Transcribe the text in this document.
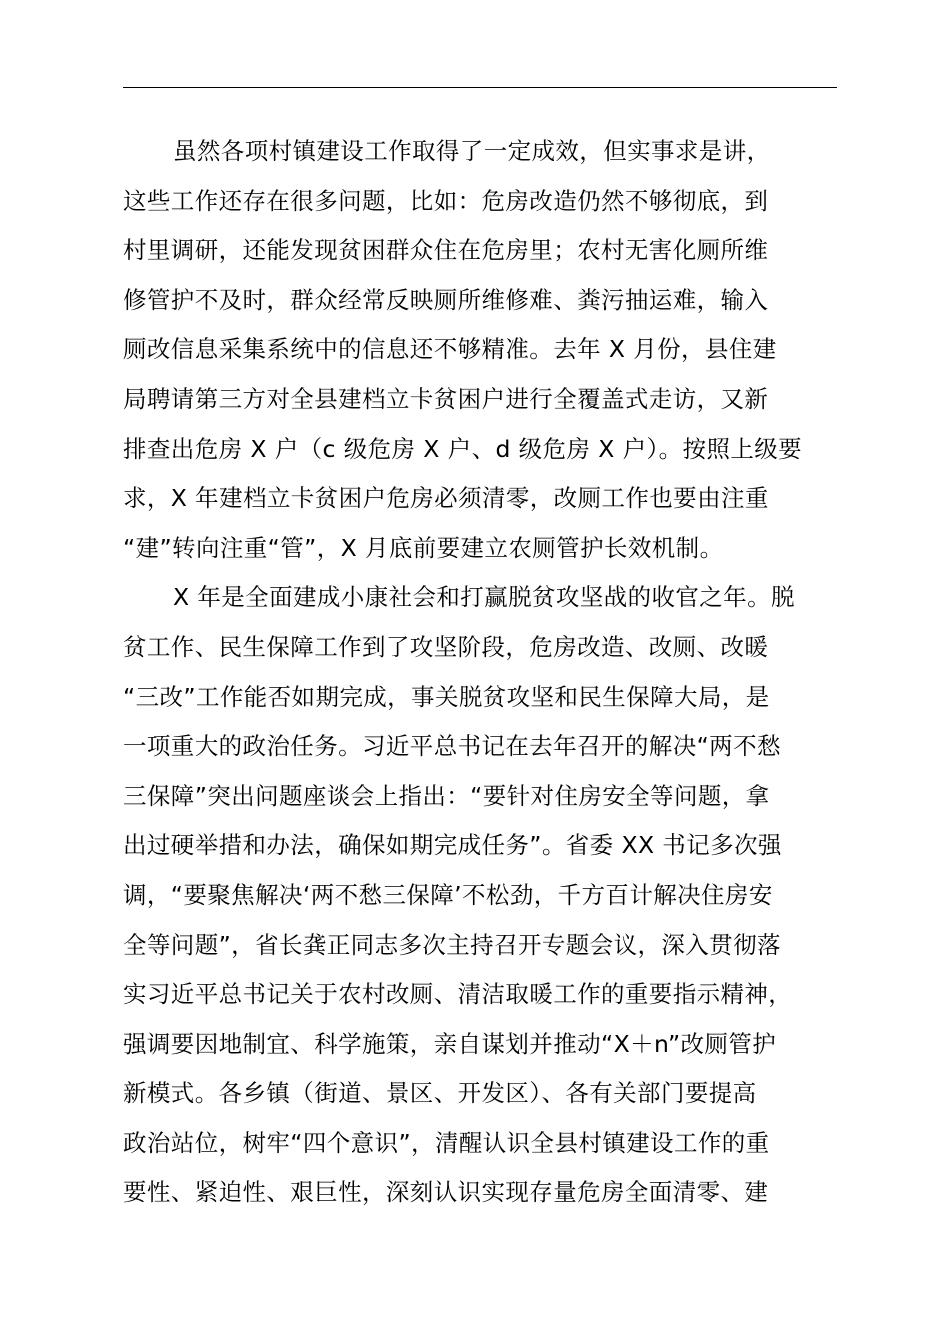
虽然各项村镇建设工作取得了一定成效，但实事求是讲，
这些工作还存在很多问题，比如：危房改造仍然不够彻底，到
村里调研，还能发现贫困群众住在危房里；农村无害化厕所维
修管护不及时，群众经常反映厕所维修难、粪污抽运难，输入
厕改信息采集系统中的信息还不够精准。去年 X 月份，县住建
局聘请第三方对全县建档立卡贫困户进行全覆盖式走访，又新
排查出危房 X 户（c 级危房 X 户、d 级危房 X 户）。按照上级要
求，X 年建档立卡贫困户危房必须清零，改厕工作也要由注重
“建”转向注重“管”，X 月底前要建立农厕管护长效机制。
X 年是全面建成小康社会和打赢脱贫攻坚战的收官之年。脱
贫工作、民生保障工作到了攻坚阶段，危房改造、改厕、改暖
“三改”工作能否如期完成，事关脱贫攻坚和民生保障大局，是
一项重大的政治任务。习近平总书记在去年召开的解决“两不愁
三保障”突出问题座谈会上指出：“要针对住房安全等问题，拿
出过硬举措和办法，确保如期完成任务”。省委 XX 书记多次强
调，“要聚焦解决‘两不愁三保障’不松劲，千方百计解决住房安
全等问题”，省长龚正同志多次主持召开专题会议，深入贯彻落
实习近平总书记关于农村改厕、清洁取暖工作的重要指示精神，
强调要因地制宜、科学施策，亲自谋划并推动“X＋n”改厕管护
新模式。各乡镇（街道、景区、开发区）、各有关部门要提高
政治站位，树牢“四个意识”，清醒认识全县村镇建设工作的重
要性、紧迫性、艰巨性，深刻认识实现存量危房全面清零、建
